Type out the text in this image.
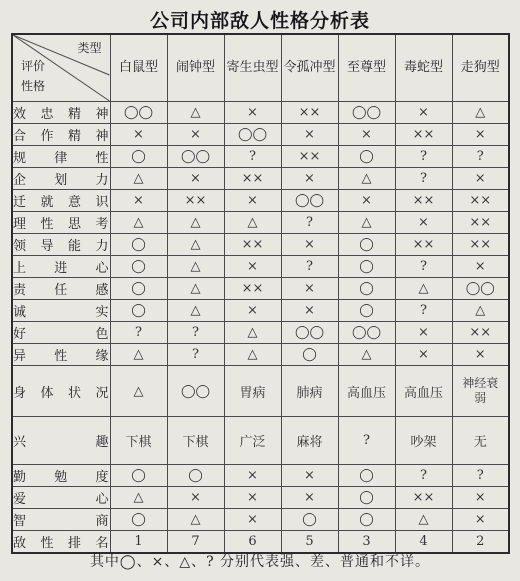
公司内部敌人性格分析表
类型
评价
性格	白鼠型	闹钟型	寄生虫型	令孤冲型	至尊型	毒蛇型	走狗型
效忠精神	◯◯	△	×	××	◯◯	×	△
合作精神	×	×	◯◯	×	×	××	×
规律性	◯	◯◯	?	××	◯	?	?
企划力	△	×	××	×	△	?	×
迁就意识	×	××	×	◯◯	×	××	××
理性思考	△	△	△	?	△	×	××
领导能力	◯	△	××	×	◯	××	××
上进心	◯	△	×	?	◯	?	×
责任感	◯	△	××	×	◯	△	◯◯
诚实	◯	△	×	×	◯	?	△
好色	?	?	△	◯◯	◯◯	×	××
异性缘	△	?	△	◯	△	×	×
身体状况	△	◯◯	胃病	肺病	高血压	高血压	神经衰弱
兴趣	下棋	下棋	广泛	麻将	?	吵架	无
勤勉度	◯	◯	×	×	◯	?	?
爱心	△	×	×	×	◯	××	×
智商	◯	△	×	◯	◯	△	×
敌性排名	1	7	6	5	3	4	2
其中◯、×、△、? 分别代表强、差、普通和不详。
